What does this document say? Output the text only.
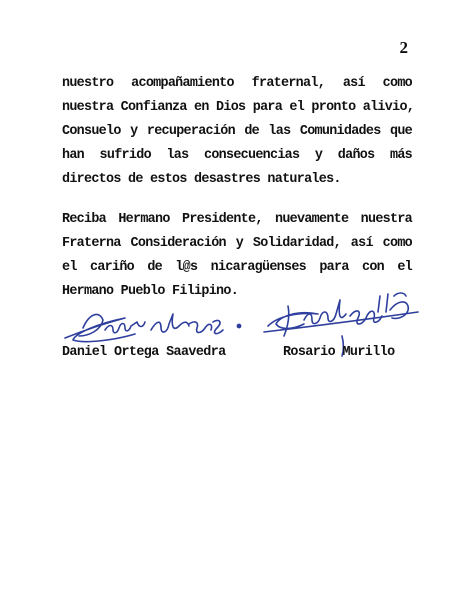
2
nuestro acompañamiento fraternal, así como
nuestra Confianza en Dios para el pronto alivio,
Consuelo y recuperación de las Comunidades que
han sufrido las consecuencias y daños más
directos de estos desastres naturales.
Reciba Hermano Presidente, nuevamente nuestra
Fraterna Consideración y Solidaridad, así como
el cariño de l@s nicaragüenses para con el
Hermano Pueblo Filipino.
Daniel Ortega Saavedra	Rosario Murillo
